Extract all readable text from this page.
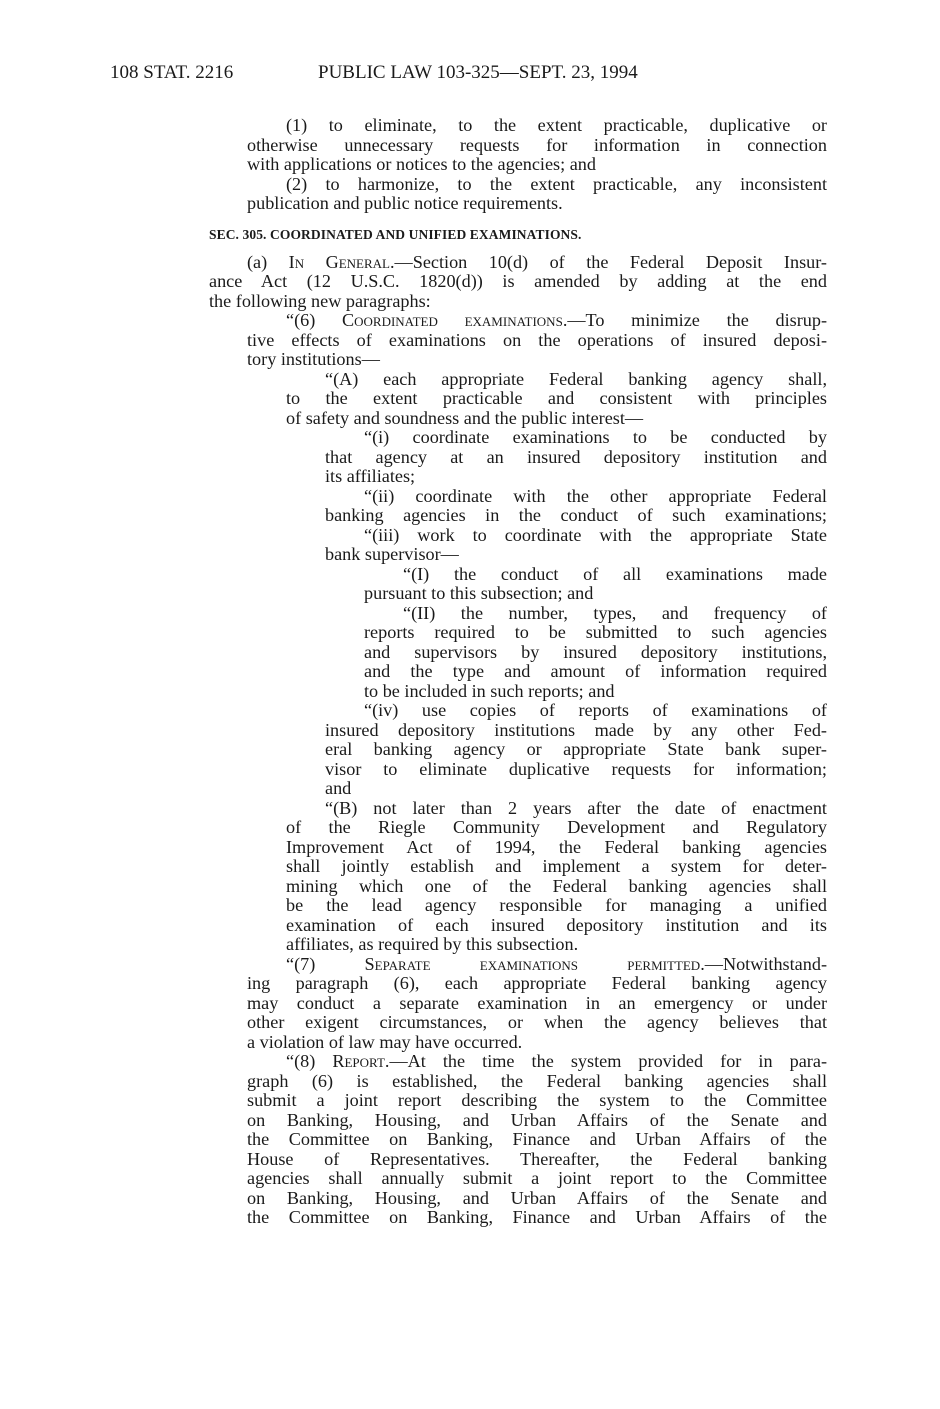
108 STAT. 2216	PUBLIC LAW 103-325—SEPT. 23, 1994
(1) to eliminate, to the extent practicable, duplicative or
otherwise unnecessary requests for information in connection
with applications or notices to the agencies; and
(2) to harmonize, to the extent practicable, any inconsistent
publication and public notice requirements.
SEC. 305. COORDINATED AND UNIFIED EXAMINATIONS.
(a) In General.—Section 10(d) of the Federal Deposit Insur-
ance Act (12 U.S.C. 1820(d)) is amended by adding at the end
the following new paragraphs:
“(6) Coordinated examinations.—To minimize the disrup-
tive effects of examinations on the operations of insured deposi-
tory institutions—
“(A) each appropriate Federal banking agency shall,
to the extent practicable and consistent with principles
of safety and soundness and the public interest—
“(i) coordinate examinations to be conducted by
that agency at an insured depository institution and
its affiliates;
“(ii) coordinate with the other appropriate Federal
banking agencies in the conduct of such examinations;
“(iii) work to coordinate with the appropriate State
bank supervisor—
“(I) the conduct of all examinations made
pursuant to this subsection; and
“(II) the number, types, and frequency of
reports required to be submitted to such agencies
and supervisors by insured depository institutions,
and the type and amount of information required
to be included in such reports; and
“(iv) use copies of reports of examinations of
insured depository institutions made by any other Fed-
eral banking agency or appropriate State bank super-
visor to eliminate duplicative requests for information;
and
“(B) not later than 2 years after the date of enactment
of the Riegle Community Development and Regulatory
Improvement Act of 1994, the Federal banking agencies
shall jointly establish and implement a system for deter-
mining which one of the Federal banking agencies shall
be the lead agency responsible for managing a unified
examination of each insured depository institution and its
affiliates, as required by this subsection.
“(7) Separate examinations permitted.—Notwithstand-
ing paragraph (6), each appropriate Federal banking agency
may conduct a separate examination in an emergency or under
other exigent circumstances, or when the agency believes that
a violation of law may have occurred.
“(8) Report.—At the time the system provided for in para-
graph (6) is established, the Federal banking agencies shall
submit a joint report describing the system to the Committee
on Banking, Housing, and Urban Affairs of the Senate and
the Committee on Banking, Finance and Urban Affairs of the
House of Representatives. Thereafter, the Federal banking
agencies shall annually submit a joint report to the Committee
on Banking, Housing, and Urban Affairs of the Senate and
the Committee on Banking, Finance and Urban Affairs of the
